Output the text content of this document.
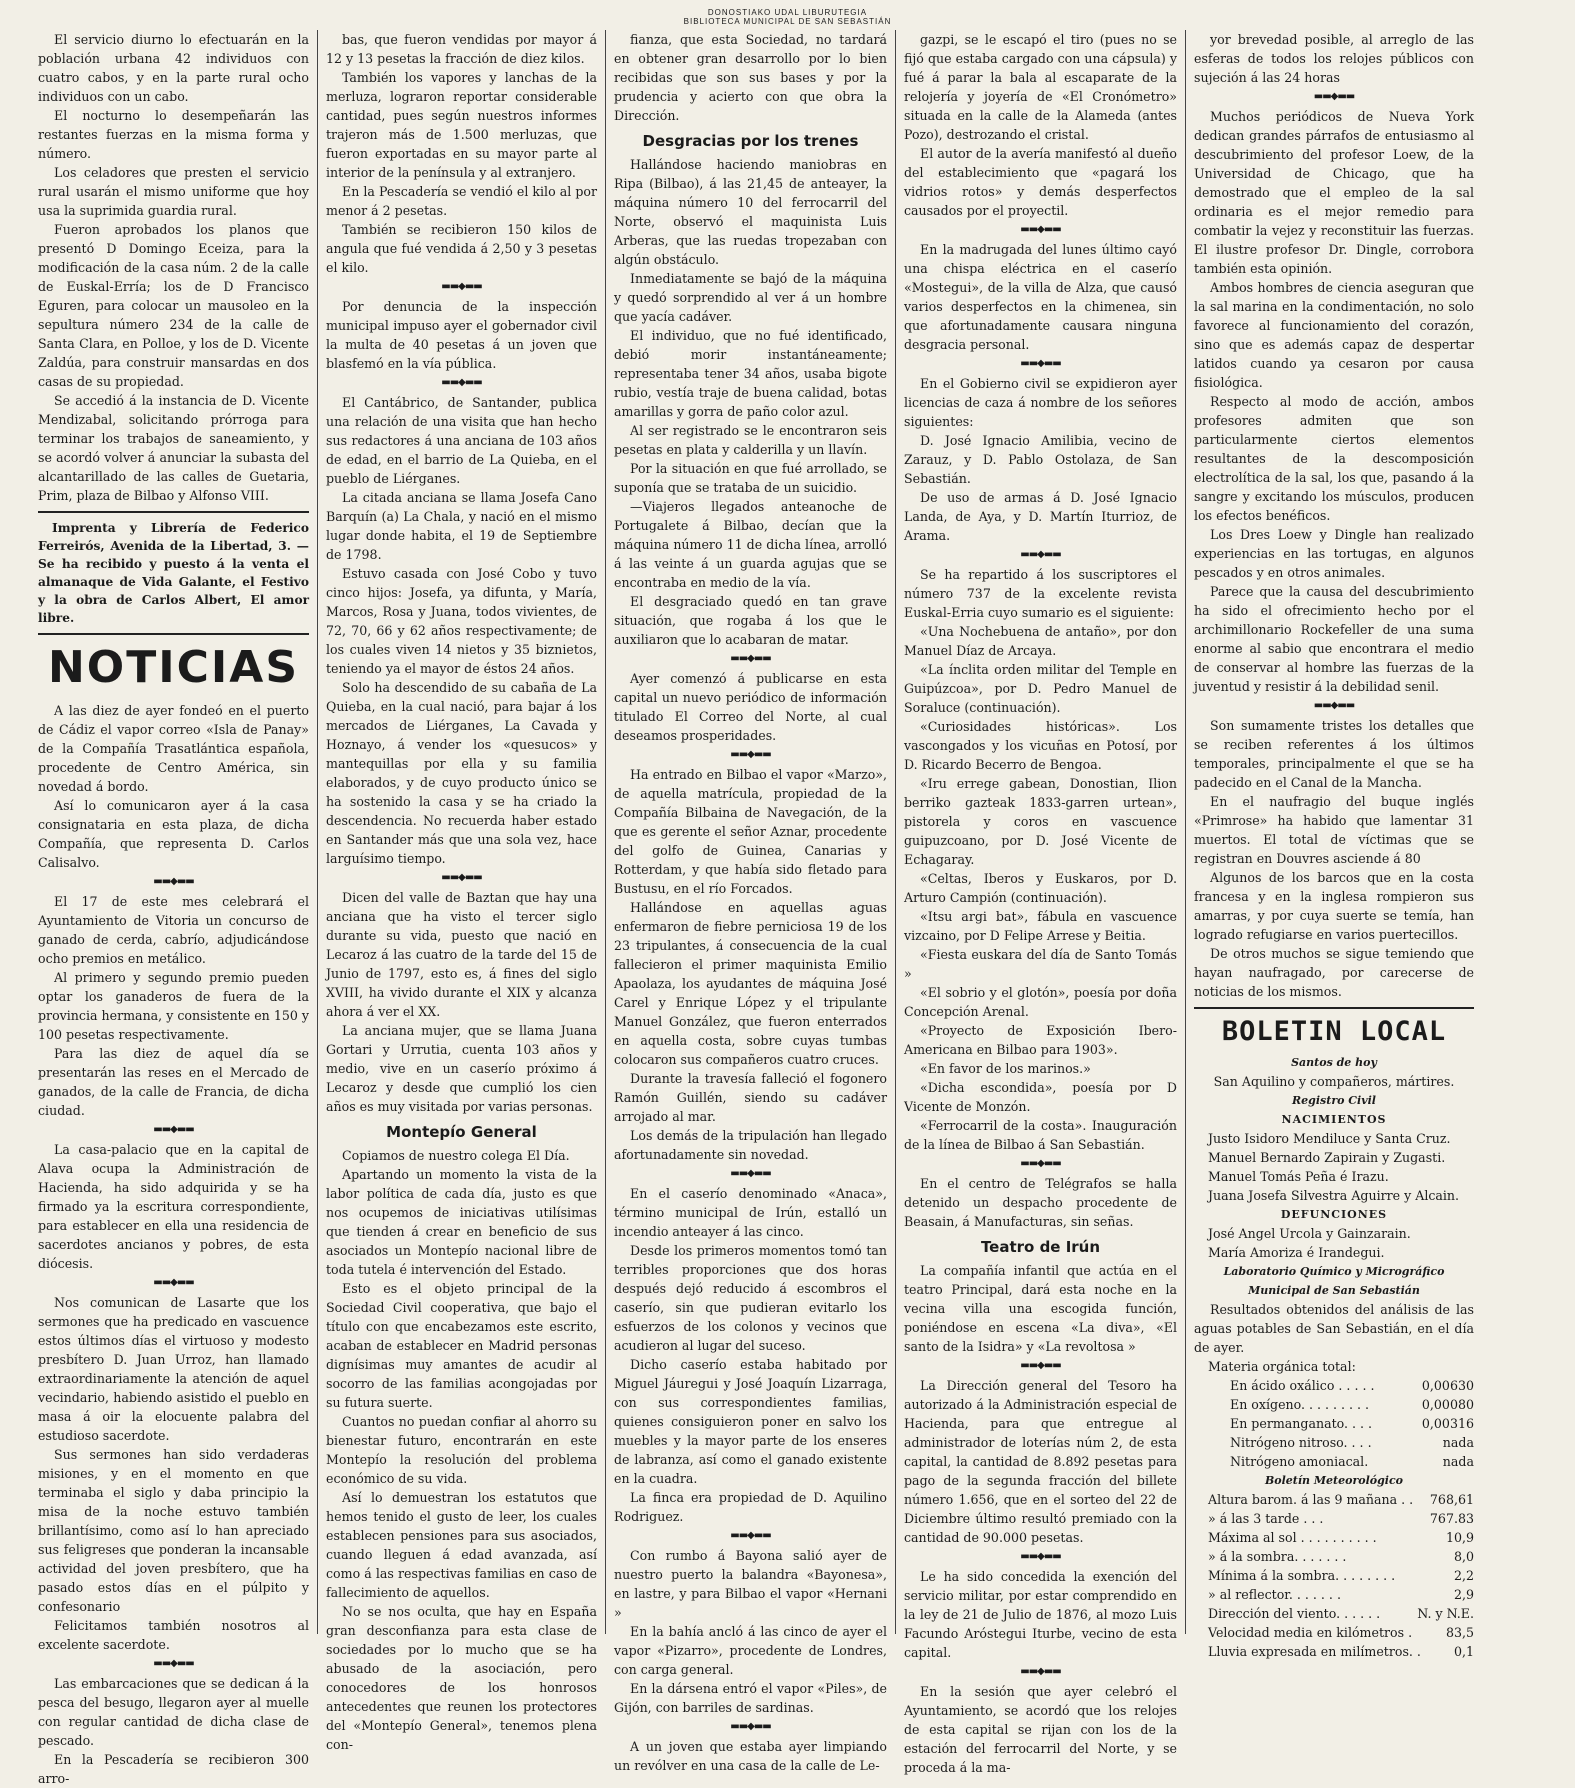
DONOSTIAKO UDAL LIBURUTEGIA
BIBLIOTECA MUNICIPAL DE SAN SEBASTIÁN

El servicio diurno lo efectuarán en la población urbana 42 individuos con cuatro cabos, y en la parte rural ocho individuos con un cabo.

El nocturno lo desempeñarán las restantes fuerzas en la misma forma y número.

Los celadores que presten el servicio rural usarán el mismo uniforme que hoy usa la suprimida guardia rural.

Fueron aprobados los planos que presentó D Domingo Eceiza, para la modificación de la casa núm. 2 de la calle de Euskal-Erría; los de D Francisco Eguren, para colocar un mausoleo en la sepultura número 234 de la calle de Santa Clara, en Polloe, y los de D. Vicente Zaldúa, para construir mansardas en dos casas de su propiedad.

Se accedió á la instancia de D. Vicente Mendizabal, solicitando prórroga para terminar los trabajos de saneamiento, y se acordó volver á anunciar la subasta del alcantarillado de las calles de Guetaria, Prim, plaza de Bilbao y Alfonso VIII.

Imprenta y Librería de Federico Ferreirós, Avenida de la Libertad, 3. —Se ha recibido y puesto á la venta el almanaque de Vida Galante, el Festivo y la obra de Carlos Albert, El amor libre.

NOTICIAS

A las diez de ayer fondeó en el puerto de Cádiz el vapor correo «Isla de Panay» de la Compañía Trasatlántica española, procedente de Centro América, sin novedad á bordo.

Así lo comunicaron ayer á la casa consignataria en esta plaza, de dicha Compañía, que representa D. Carlos Calisalvo.

▬▬◆▬▬

El 17 de este mes celebrará el Ayuntamiento de Vitoria un concurso de ganado de cerda, cabrío, adjudicándose ocho premios en metálico.

Al primero y segundo premio pueden optar los ganaderos de fuera de la provincia hermana, y consistente en 150 y 100 pesetas respectivamente.

Para las diez de aquel día se presentarán las reses en el Mercado de ganados, de la calle de Francia, de dicha ciudad.

▬▬◆▬▬

La casa-palacio que en la capital de Alava ocupa la Administración de Hacienda, ha sido adquirida y se ha firmado ya la escritura correspondiente, para establecer en ella una residencia de sacerdotes ancianos y pobres, de esta diócesis.

▬▬◆▬▬

Nos comunican de Lasarte que los sermones que ha predicado en vascuence estos últimos días el virtuoso y modesto presbítero D. Juan Urroz, han llamado extraordinariamente la atención de aquel vecindario, habiendo asistido el pueblo en masa á oir la elocuente palabra del estudioso sacerdote.

Sus sermones han sido verdaderas misiones, y en el momento en que terminaba el siglo y daba principio la misa de la noche estuvo también brillantísimo, como así lo han apreciado sus feligreses que ponderan la incansable actividad del joven presbítero, que ha pasado estos días en el púlpito y confesonario

Felicitamos también nosotros al excelente sacerdote.

▬▬◆▬▬

Las embarcaciones que se dedican á la pesca del besugo, llegaron ayer al muelle con regular cantidad de dicha clase de pescado.

En la Pescadería se recibieron 300 arro-

bas, que fueron vendidas por mayor á 12 y 13 pesetas la fracción de diez kilos.

También los vapores y lanchas de la merluza, lograron reportar considerable cantidad, pues según nuestros informes trajeron más de 1.500 merluzas, que fueron exportadas en su mayor parte al interior de la península y al extranjero.

En la Pescadería se vendió el kilo al por menor á 2 pesetas.

También se recibieron 150 kilos de angula que fué vendida á 2,50 y 3 pesetas el kilo.

▬▬◆▬▬

Por denuncia de la inspección municipal impuso ayer el gobernador civil la multa de 40 pesetas á un joven que blasfemó en la vía pública.

▬▬◆▬▬

El Cantábrico, de Santander, publica una relación de una visita que han hecho sus redactores á una anciana de 103 años de edad, en el barrio de La Quieba, en el pueblo de Liérganes.

La citada anciana se llama Josefa Cano Barquín (a) La Chala, y nació en el mismo lugar donde habita, el 19 de Septiembre de 1798.

Estuvo casada con José Cobo y tuvo cinco hijos: Josefa, ya difunta, y María, Marcos, Rosa y Juana, todos vivientes, de 72, 70, 66 y 62 años respectivamente; de los cuales viven 14 nietos y 35 biznietos, teniendo ya el mayor de éstos 24 años.

Solo ha descendido de su cabaña de La Quieba, en la cual nació, para bajar á los mercados de Liérganes, La Cavada y Hoznayo, á vender los «quesucos» y mantequillas por ella y su familia elaborados, y de cuyo producto único se ha sostenido la casa y se ha criado la descendencia. No recuerda haber estado en Santander más que una sola vez, hace larguísimo tiempo.

▬▬◆▬▬

Dicen del valle de Baztan que hay una anciana que ha visto el tercer siglo durante su vida, puesto que nació en Lecaroz á las cuatro de la tarde del 15 de Junio de 1797, esto es, á fines del siglo XVIII, ha vivido durante el XIX y alcanza ahora á ver el XX.

La anciana mujer, que se llama Juana Gortari y Urrutia, cuenta 103 años y medio, vive en un caserío próximo á Lecaroz y desde que cumplió los cien años es muy visitada por varias personas.

Montepío General

Copiamos de nuestro colega El Día.

Apartando un momento la vista de la labor política de cada día, justo es que nos ocupemos de iniciativas utilísimas que tienden á crear en beneficio de sus asociados un Montepío nacional libre de toda tutela é intervención del Estado.

Esto es el objeto principal de la Sociedad Civil cooperativa, que bajo el título con que encabezamos este escrito, acaban de establecer en Madrid personas dignísimas muy amantes de acudir al socorro de las familias acongojadas por su futura suerte.

Cuantos no puedan confiar al ahorro su bienestar futuro, encontrarán en este Montepío la resolución del problema económico de su vida.

Así lo demuestran los estatutos que hemos tenido el gusto de leer, los cuales establecen pensiones para sus asociados, cuando lleguen á edad avanzada, así como á las respectivas familias en caso de fallecimiento de aquellos.

No se nos oculta, que hay en España gran desconfianza para esta clase de sociedades por lo mucho que se ha abusado de la asociación, pero conocedores de los honrosos antecedentes que reunen los protectores del «Montepío General», tenemos plena con-

fianza, que esta Sociedad, no tardará en obtener gran desarrollo por lo bien recibidas que son sus bases y por la prudencia y acierto con que obra la Dirección.

Desgracias por los trenes

Hallándose haciendo maniobras en Ripa (Bilbao), á las 21,45 de anteayer, la máquina número 10 del ferrocarril del Norte, observó el maquinista Luis Arberas, que las ruedas tropezaban con algún obstáculo.

Inmediatamente se bajó de la máquina y quedó sorprendido al ver á un hombre que yacía cadáver.

El individuo, que no fué identificado, debió morir instantáneamente; representaba tener 34 años, usaba bigote rubio, vestía traje de buena calidad, botas amarillas y gorra de paño color azul.

Al ser registrado se le encontraron seis pesetas en plata y calderilla y un llavín.

Por la situación en que fué arrollado, se suponía que se trataba de un suicidio.

—Viajeros llegados anteanoche de Portugalete á Bilbao, decían que la máquina número 11 de dicha línea, arrolló á las veinte á un guarda agujas que se encontraba en medio de la vía.

El desgraciado quedó en tan grave situación, que rogaba á los que le auxiliaron que lo acabaran de matar.

▬▬◆▬▬

Ayer comenzó á publicarse en esta capital un nuevo periódico de información titulado El Correo del Norte, al cual deseamos prosperidades.

▬▬◆▬▬

Ha entrado en Bilbao el vapor «Marzo», de aquella matrícula, propiedad de la Compañía Bilbaina de Navegación, de la que es gerente el señor Aznar, procedente del golfo de Guinea, Canarias y Rotterdam, y que había sido fletado para Bustusu, en el río Forcados.

Hallándose en aquellas aguas enfermaron de fiebre perniciosa 19 de los 23 tripulantes, á consecuencia de la cual fallecieron el primer maquinista Emilio Apaolaza, los ayudantes de máquina José Carel y Enrique López y el tripulante Manuel González, que fueron enterrados en aquella costa, sobre cuyas tumbas colocaron sus compañeros cuatro cruces.

Durante la travesía falleció el fogonero Ramón Guillén, siendo su cadáver arrojado al mar.

Los demás de la tripulación han llegado afortunadamente sin novedad.

▬▬◆▬▬

En el caserío denominado «Anaca», término municipal de Irún, estalló un incendio anteayer á las cinco.

Desde los primeros momentos tomó tan terribles proporciones que dos horas después dejó reducido á escombros el caserío, sin que pudieran evitarlo los esfuerzos de los colonos y vecinos que acudieron al lugar del suceso.

Dicho caserío estaba habitado por Miguel Jáuregui y José Joaquín Lizarraga, con sus correspondientes familias, quienes consiguieron poner en salvo los muebles y la mayor parte de los enseres de labranza, así como el ganado existente en la cuadra.

La finca era propiedad de D. Aquilino Rodriguez.

▬▬◆▬▬

Con rumbo á Bayona salió ayer de nuestro puerto la balandra «Bayonesa», en lastre, y para Bilbao el vapor «Hernani »

En la bahía ancló á las cinco de ayer el vapor «Pizarro», procedente de Londres, con carga general.

En la dársena entró el vapor «Piles», de Gijón, con barriles de sardinas.

▬▬◆▬▬

A un joven que estaba ayer limpiando un revólver en una casa de la calle de Le-

gazpi, se le escapó el tiro (pues no se fijó que estaba cargado con una cápsula) y fué á parar la bala al escaparate de la relojería y joyería de «El Cronómetro» situada en la calle de la Alameda (antes Pozo), destrozando el cristal.

El autor de la avería manifestó al dueño del establecimiento que «pagará los vidrios rotos» y demás desperfectos causados por el proyectil.

▬▬◆▬▬

En la madrugada del lunes último cayó una chispa eléctrica en el caserío «Mostegui», de la villa de Alza, que causó varios desperfectos en la chimenea, sin que afortunadamente causara ninguna desgracia personal.

▬▬◆▬▬

En el Gobierno civil se expidieron ayer licencias de caza á nombre de los señores siguientes:

D. José Ignacio Amilibia, vecino de Zarauz, y D. Pablo Ostolaza, de San Sebastián.

De uso de armas á D. José Ignacio Landa, de Aya, y D. Martín Iturrioz, de Arama.

▬▬◆▬▬

Se ha repartido á los suscriptores el número 737 de la excelente revista Euskal-Erria cuyo sumario es el siguiente:

«Una Nochebuena de antaño», por don Manuel Díaz de Arcaya.

«La ínclita orden militar del Temple en Guipúzcoa», por D. Pedro Manuel de Soraluce (continuación).

«Curiosidades históricas». Los vascongados y los vicuñas en Potosí, por D. Ricardo Becerro de Bengoa.

«Iru errege gabean, Donostian, Ilion berriko gazteak 1833-garren urtean», pistorela y coros en vascuence guipuzcoano, por D. José Vicente de Echagaray.

«Celtas, Iberos y Euskaros, por D. Arturo Campión (continuación).

«Itsu argi bat», fábula en vascuence vizcaino, por D Felipe Arrese y Beitia.

«Fiesta euskara del día de Santo Tomás »

«El sobrio y el glotón», poesía por doña Concepción Arenal.

«Proyecto de Exposición Ibero-Americana en Bilbao para 1903».

«En favor de los marinos.»

«Dicha escondida», poesía por D Vicente de Monzón.

«Ferrocarril de la costa». Inauguración de la línea de Bilbao á San Sebastián.

▬▬◆▬▬

En el centro de Telégrafos se halla detenido un despacho procedente de Beasain, á Manufacturas, sin señas.

Teatro de Irún

La compañía infantil que actúa en el teatro Principal, dará esta noche en la vecina villa una escogida función, poniéndose en escena «La diva», «El santo de la Isidra» y «La revoltosa »

▬▬◆▬▬

La Dirección general del Tesoro ha autorizado á la Administración especial de Hacienda, para que entregue al administrador de loterías núm 2, de esta capital, la cantidad de 8.892 pesetas para pago de la segunda fracción del billete número 1.656, que en el sorteo del 22 de Diciembre último resultó premiado con la cantidad de 90.000 pesetas.

▬▬◆▬▬

Le ha sido concedida la exención del servicio militar, por estar comprendido en la ley de 21 de Julio de 1876, al mozo Luis Facundo Aróstegui Iturbe, vecino de esta capital.

▬▬◆▬▬

En la sesión que ayer celebró el Ayuntamiento, se acordó que los relojes de esta capital se rijan con los de la estación del ferrocarril del Norte, y se proceda á la ma-

yor brevedad posible, al arreglo de las esferas de todos los relojes públicos con sujeción á las 24 horas

▬▬◆▬▬

Muchos periódicos de Nueva York dedican grandes párrafos de entusiasmo al descubrimiento del profesor Loew, de la Universidad de Chicago, que ha demostrado que el empleo de la sal ordinaria es el mejor remedio para combatir la vejez y reconstituir las fuerzas. El ilustre profesor Dr. Dingle, corrobora también esta opinión.

Ambos hombres de ciencia aseguran que la sal marina en la condimentación, no solo favorece al funcionamiento del corazón, sino que es además capaz de despertar latidos cuando ya cesaron por causa fisiológica.

Respecto al modo de acción, ambos profesores admiten que son particularmente ciertos elementos resultantes de la descomposición electrolítica de la sal, los que, pasando á la sangre y excitando los músculos, producen los efectos benéficos.

Los Dres Loew y Dingle han realizado experiencias en las tortugas, en algunos pescados y en otros animales.

Parece que la causa del descubrimiento ha sido el ofrecimiento hecho por el archimillonario Rockefeller de una suma enorme al sabio que encontrara el medio de conservar al hombre las fuerzas de la juventud y resistir á la debilidad senil.

▬▬◆▬▬

Son sumamente tristes los detalles que se reciben referentes á los últimos temporales, principalmente el que se ha padecido en el Canal de la Mancha.

En el naufragio del buque inglés «Primrose» ha habido que lamentar 31 muertos. El total de víctimas que se registran en Douvres asciende á 80

Algunos de los barcos que en la costa francesa y en la inglesa rompieron sus amarras, y por cuya suerte se temía, han logrado refugiarse en varios puertecillos.

De otros muchos se sigue temiendo que hayan naufragado, por carecerse de noticias de los mismos.

BOLETIN LOCAL

Santos de hoy

San Aquilino y compañeros, mártires.

Registro Civil

NACIMIENTOS

Justo Isidoro Mendiluce y Santa Cruz.

Manuel Bernardo Zapirain y Zugasti.

Manuel Tomás Peña é Irazu.

Juana Josefa Silvestra Aguirre y Alcain.

DEFUNCIONES

José Angel Urcola y Gainzarain.

María Amoriza é Irandegui.

Laboratorio Químico y Micrográfico Municipal de San Sebastián

Resultados obtenidos del análisis de las aguas potables de San Sebastián, en el día de ayer.

Materia orgánica total:

En ácido oxálico . . . . .	0,00630
En oxígeno. . . . . . . . .	0,00080
En permanganato. . . .	0,00316
Nitrógeno nitroso. . . .	nada
Nitrógeno amoniacal.	nada

Boletín Meteorológico

Altura barom. á las 9 mañana . . 768,61
» á las 3 tarde . . .	767.83
Máxima al sol . . . . . . . . . .	10,9
» á la sombra. . . . . . .	8,0
Mínima á la sombra. . . . . . . .	2,2
» al reflector. . . . . . .	2,9
Dirección del viento. . . . . .	N. y N.E.
Velocidad media en kilómetros .	83,5
Lluvia expresada en milímetros. .	0,1
